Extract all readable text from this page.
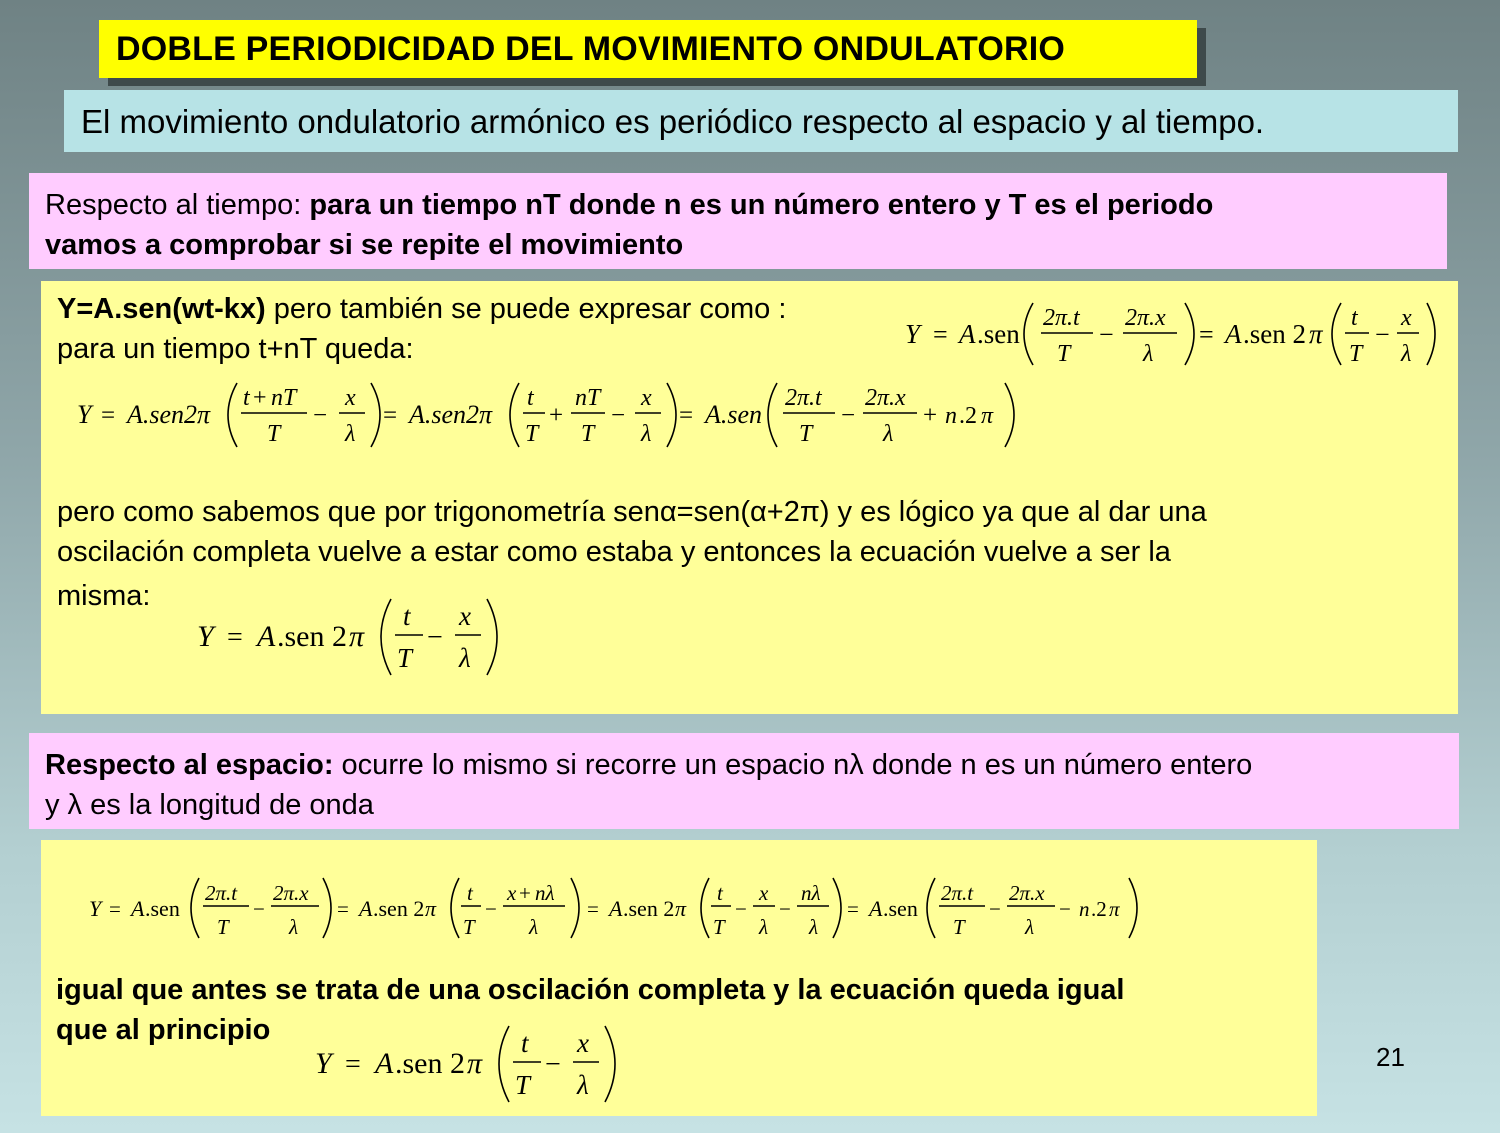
DOBLE PERIODICIDAD DEL MOVIMIENTO ONDULATORIO
El movimiento ondulatorio armónico es periódico respecto al espacio y al tiempo.
Respecto al tiempo: para un tiempo nT donde n es un número entero y T es el periodo
vamos a comprobar si se repite el movimiento
Y=A.sen(wt-kx) pero también se puede expresar como :
para un tiempo t+nT queda:	Y = A .sen
2π.t
T
−
2π.x
λ
= A .sen 2 π
t
T
−
x
λ
Y = A.sen2π
t + nT
T
−
x
λ
= A.sen2π
t
T
+
nT
T
−
x
λ
= A.sen
2π.t
T
−
2π.x
λ
+ n .2 π
pero como sabemos que por trigonometría senα=sen(α+2π) y es lógico ya que al dar una
oscilación completa vuelve a estar como estaba y entonces la ecuación vuelve a ser la
misma:
Y = A .sen 2 π
t
T
−
x
λ
Respecto al espacio: ocurre lo mismo si recorre un espacio nλ donde n es un número entero
y λ es la longitud de onda
Y = A .sen
2π.t
T
−
2π.x
λ
= A .sen 2 π
t
T
−
x + nλ
λ
= A .sen 2 π
t
T
−
x
λ
−
nλ
λ
= A .sen
2π.t
T
−
2π.x
λ
− n .2 π
igual que antes se trata de una oscilación completa y la ecuación queda igual
que al principio
Y = A .sen 2 π
t
T
−
x
λ
21
